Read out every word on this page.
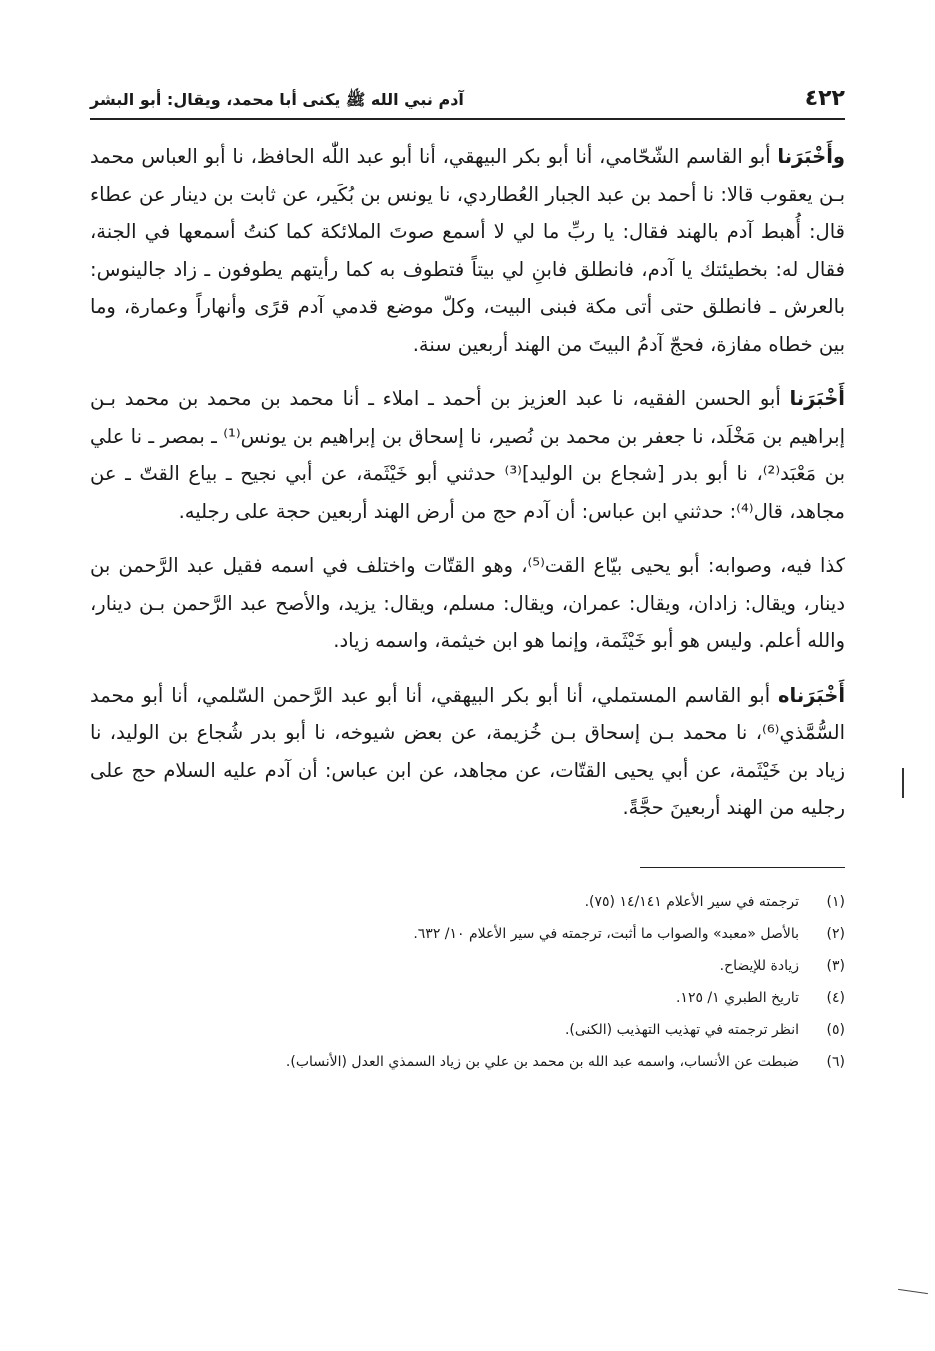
٤٢٢
آدم نبي الله ﷺ يكنى أبا محمد، ويقال: أبو البشر

وأَخْبَرَنا أبو القاسم الشّحّامي، أنا أبو بكر البيهقي، أنا أبو عبد اللّٰه الحافظ، نا أبو العباس محمد بـن يعقوب قالا: نا أحمد بن عبد الجبار العُطاردي، نا يونس بن بُكَير، عن ثابت بن دينار عن عطاء قال: أُهبط آدم بالهند فقال: يا ربِّ ما لي لا أسمع صوتَ الملائكة كما كنتُ أسمعها في الجنة، فقال له: بخطيئتك يا آدم، فانطلق فابنِ لي بيتاً فتطوف به كما رأيتهم يطوفون ـ زاد جالينوس: بالعرش ـ فانطلق حتى أتى مكة فبنى البيت، وكلّ موضع قدمي آدم قرًى وأنهاراً وعمارة، وما بين خطاه مفازة، فحجّ آدمُ البيتَ من الهند أربعين سنة.

أَخْبَرَنا أبو الحسن الفقيه، نا عبد العزيز بن أحمد ـ املاء ـ أنا محمد بن محمد بن محمد بـن إبراهيم بن مَخْلَد، نا جعفر بن محمد بن نُصير، نا إسحاق بن إبراهيم بن يونس⁽¹⁾ ـ بمصر ـ نا علي بن مَعْبَد⁽²⁾، نا أبو بدر [شجاع بن الوليد]⁽³⁾ حدثني أبو خَيْثَمة، عن أبي نجيح ـ بياع القتّ ـ عن مجاهد، قال⁽⁴⁾: حدثني ابن عباس: أن آدم حج من أرض الهند أربعين حجة على رجليه.

كذا فيه، وصوابه: أبو يحيى بيّاع القت⁽⁵⁾، وهو القتّات واختلف في اسمه فقيل عبد الرَّحمن بن دينار، ويقال: زادان، ويقال: عمران، ويقال: مسلم، ويقال: يزيد، والأصح عبد الرَّحمن بـن دينار، والله أعلم. وليس هو أبو خَيْثَمة، وإنما هو ابن خيثمة، واسمه زياد.

أَخْبَرَناه أبو القاسم المستملي، أنا أبو بكر البيهقي، أنا أبو عبد الرَّحمن السّلمي، أنا أبو محمد السُّمَّذي⁽⁶⁾، نا محمد بـن إسحاق بـن خُزيمة، عن بعض شيوخه، نا أبو بدر شُجاع بن الوليد، نا زياد بن خَيْثَمة، عن أبي يحيى القتّات، عن مجاهد، عن ابن عباس: أن آدم عليه السلام حج على رجليه من الهند أربعينَ حجَّةً.

(١)
ترجمته في سير الأعلام ١٤/١٤١ (٧٥).
(٢)
بالأصل «معبد» والصواب ما أثبت، ترجمته في سير الأعلام ١٠/ ٦٣٢.
(٣)
زيادة للإيضاح.
(٤)
تاريخ الطبري ١/ ١٢٥.
(٥)
انظر ترجمته في تهذيب التهذيب (الكنى).
(٦)
ضبطت عن الأنساب، واسمه عبد الله بن محمد بن علي بن زياد السمذي العدل (الأنساب).
